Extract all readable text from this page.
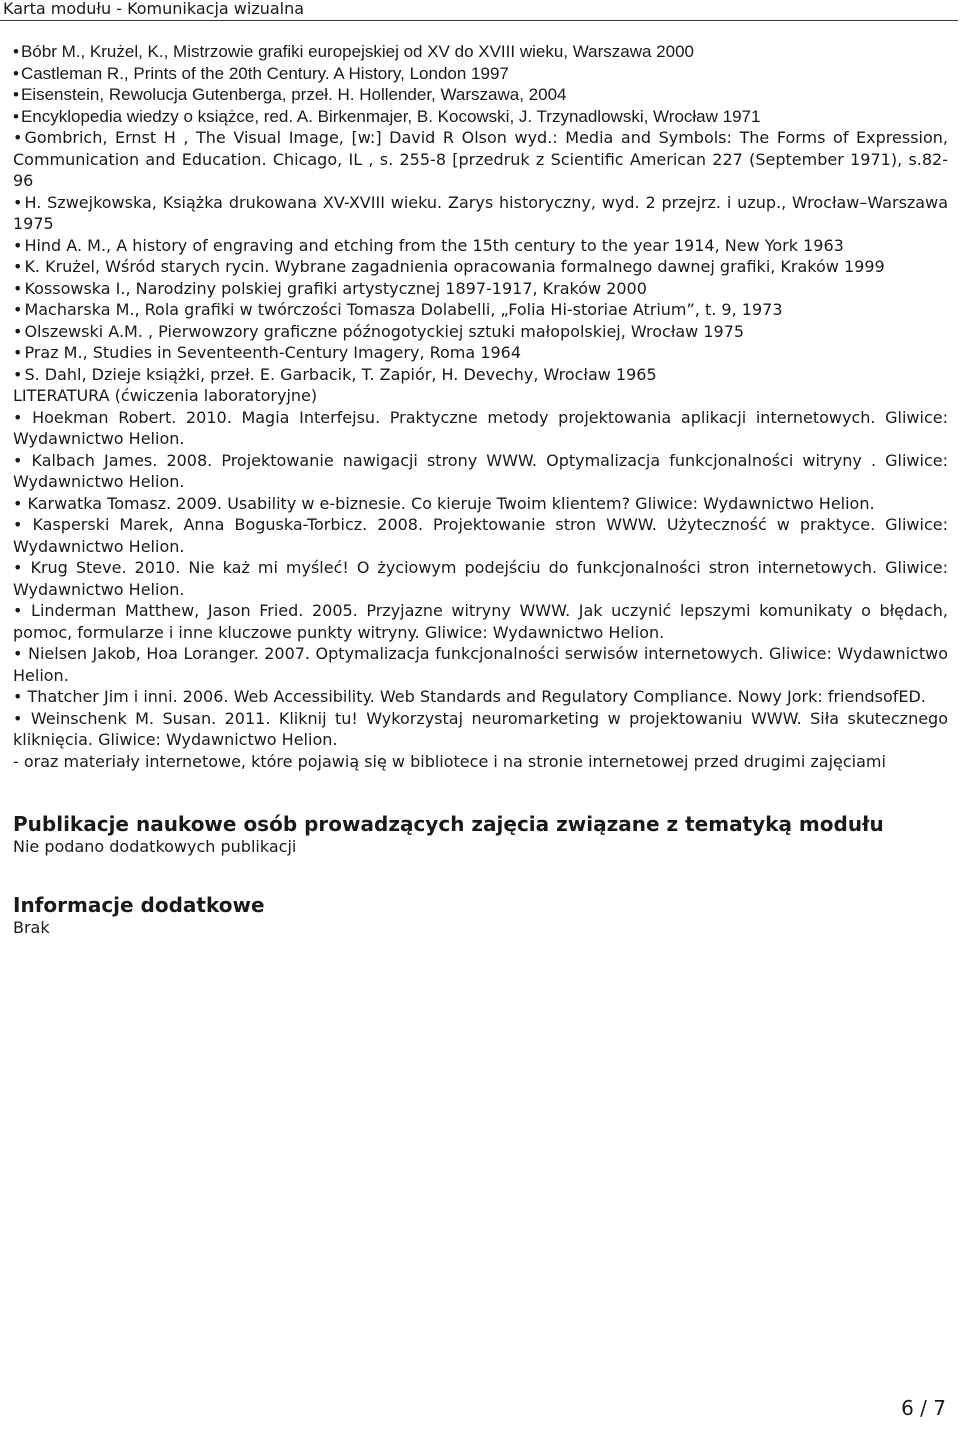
Karta modułu - Komunikacja wizualna

• Bóbr M., Krużel, K., Mistrzowie grafiki europejskiej od XV do XVIII wieku, Warszawa 2000

• Castleman R., Prints of the 20th Century. A History, London 1997

• Eisenstein, Rewolucja Gutenberga, przeł. H. Hollender, Warszawa, 2004

• Encyklopedia wiedzy o książce, red. A. Birkenmajer, B. Kocowski, J. Trzynadlowski, Wrocław 1971

• Gombrich, Ernst H , The Visual Image, [w:] David R Olson wyd.: Media and Symbols: The Forms of Expression, Communication and Education. Chicago, IL , s. 255-8 [przedruk z Scientific American 227 (September 1971), s.82-96

• H. Szwejkowska, Książka drukowana XV-XVIII wieku. Zarys historyczny, wyd. 2 przejrz. i uzup., Wrocław–Warszawa 1975

• Hind A. M., A history of engraving and etching from the 15th century to the year 1914, New York 1963

• K. Krużel, Wśród starych rycin. Wybrane zagadnienia opracowania formalnego dawnej grafiki, Kraków 1999

• Kossowska I., Narodziny polskiej grafiki artystycznej 1897-1917, Kraków 2000

• Macharska M., Rola grafiki w twórczości Tomasza Dolabelli, „Folia Hi-storiae Atrium”, t. 9, 1973

• Olszewski A.M. , Pierwowzory graficzne późnogotyckiej sztuki małopolskiej, Wrocław 1975

• Praz M., Studies in Seventeenth-Century Imagery, Roma 1964

• S. Dahl, Dzieje książki, przeł. E. Garbacik, T. Zapiór, H. Devechy, Wrocław 1965

LITERATURA (ćwiczenia laboratoryjne)

• Hoekman Robert. 2010. Magia Interfejsu. Praktyczne metody projektowania aplikacji internetowych. Gliwice: Wydawnictwo Helion.

• Kalbach James. 2008. Projektowanie nawigacji strony WWW. Optymalizacja funkcjonalności witryny . Gliwice: Wydawnictwo Helion.

• Karwatka Tomasz. 2009. Usability w e-biznesie. Co kieruje Twoim klientem? Gliwice: Wydawnictwo Helion.

• Kasperski Marek, Anna Boguska-Torbicz. 2008. Projektowanie stron WWW. Użyteczność w praktyce. Gliwice: Wydawnictwo Helion.

• Krug Steve. 2010. Nie każ mi myśleć! O życiowym podejściu do funkcjonalności stron internetowych. Gliwice: Wydawnictwo Helion.

• Linderman Matthew, Jason Fried. 2005. Przyjazne witryny WWW. Jak uczynić lepszymi komunikaty o błędach, pomoc, formularze i inne kluczowe punkty witryny. Gliwice: Wydawnictwo Helion.

• Nielsen Jakob, Hoa Loranger. 2007. Optymalizacja funkcjonalności serwisów internetowych. Gliwice: Wydawnictwo Helion.

• Thatcher Jim i inni. 2006. Web Accessibility. Web Standards and Regulatory Compliance. Nowy Jork: friendsofED.

• Weinschenk M. Susan. 2011. Kliknij tu! Wykorzystaj neuromarketing w projektowaniu WWW. Siła skutecznego kliknięcia. Gliwice: Wydawnictwo Helion.

- oraz materiały internetowe, które pojawią się w bibliotece i na stronie internetowej przed drugimi zajęciami

Publikacje naukowe osób prowadzących zajęcia związane z tematyką modułu

Nie podano dodatkowych publikacji

Informacje dodatkowe

Brak

6 / 7
